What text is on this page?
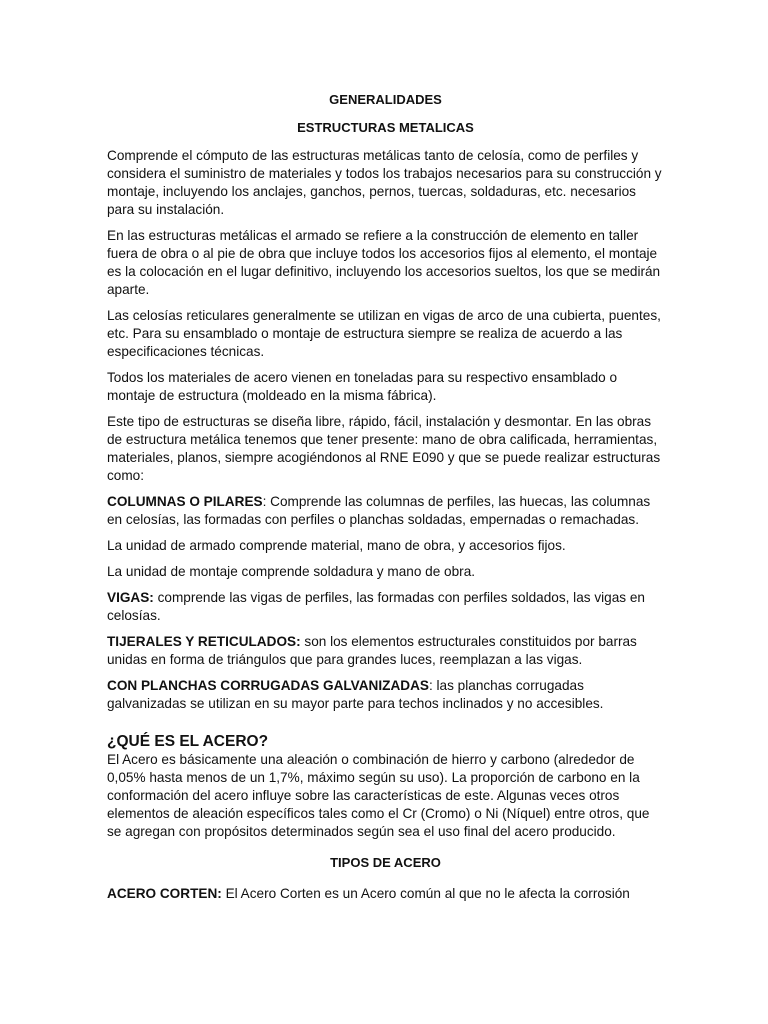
GENERALIDADES
ESTRUCTURAS METALICAS

Comprende el cómputo de las estructuras metálicas tanto de celosía, como de perfiles y considera el suministro de materiales y todos los trabajos necesarios para su construcción y montaje, incluyendo los anclajes, ganchos, pernos, tuercas, soldaduras, etc. necesarios para su instalación.

En las estructuras metálicas el armado se refiere a la construcción de elemento en taller fuera de obra o al pie de obra que incluye todos los accesorios fijos al elemento, el montaje es la colocación en el lugar definitivo, incluyendo los accesorios sueltos, los que se medirán aparte.

Las celosías reticulares generalmente se utilizan en vigas de arco de una cubierta, puentes, etc. Para su ensamblado o montaje de estructura siempre se realiza de acuerdo a las especificaciones técnicas.

Todos los materiales de acero vienen en toneladas para su respectivo ensamblado o montaje de estructura (moldeado en la misma fábrica).

Este tipo de estructuras se diseña libre, rápido, fácil, instalación y desmontar. En las obras de estructura metálica tenemos que tener presente: mano de obra calificada, herramientas, materiales, planos, siempre acogiéndonos al RNE E090 y que se puede realizar estructuras como:

COLUMNAS O PILARES: Comprende las columnas de perfiles, las huecas, las columnas en celosías, las formadas con perfiles o planchas soldadas, empernadas o remachadas.

La unidad de armado comprende material, mano de obra, y accesorios fijos.

La unidad de montaje comprende soldadura y mano de obra.

VIGAS: comprende las vigas de perfiles, las formadas con perfiles soldados, las vigas en celosías.

TIJERALES Y RETICULADOS: son los elementos estructurales constituidos por barras unidas en forma de triángulos que para grandes luces, reemplazan a las vigas.

CON PLANCHAS CORRUGADAS GALVANIZADAS: las planchas corrugadas galvanizadas se utilizan en su mayor parte para techos inclinados y no accesibles.

¿QUÉ ES EL ACERO?
El Acero es básicamente una aleación o combinación de hierro y carbono (alrededor de 0,05% hasta menos de un 1,7%, máximo según su uso). La proporción de carbono en la conformación del acero influye sobre las características de este. Algunas veces otros elementos de aleación específicos tales como el Cr (Cromo) o Ni (Níquel) entre otros, que se agregan con propósitos determinados según sea el uso final del acero producido.
TIPOS DE ACERO

ACERO CORTEN: El Acero Corten es un Acero común al que no le afecta la corrosión
